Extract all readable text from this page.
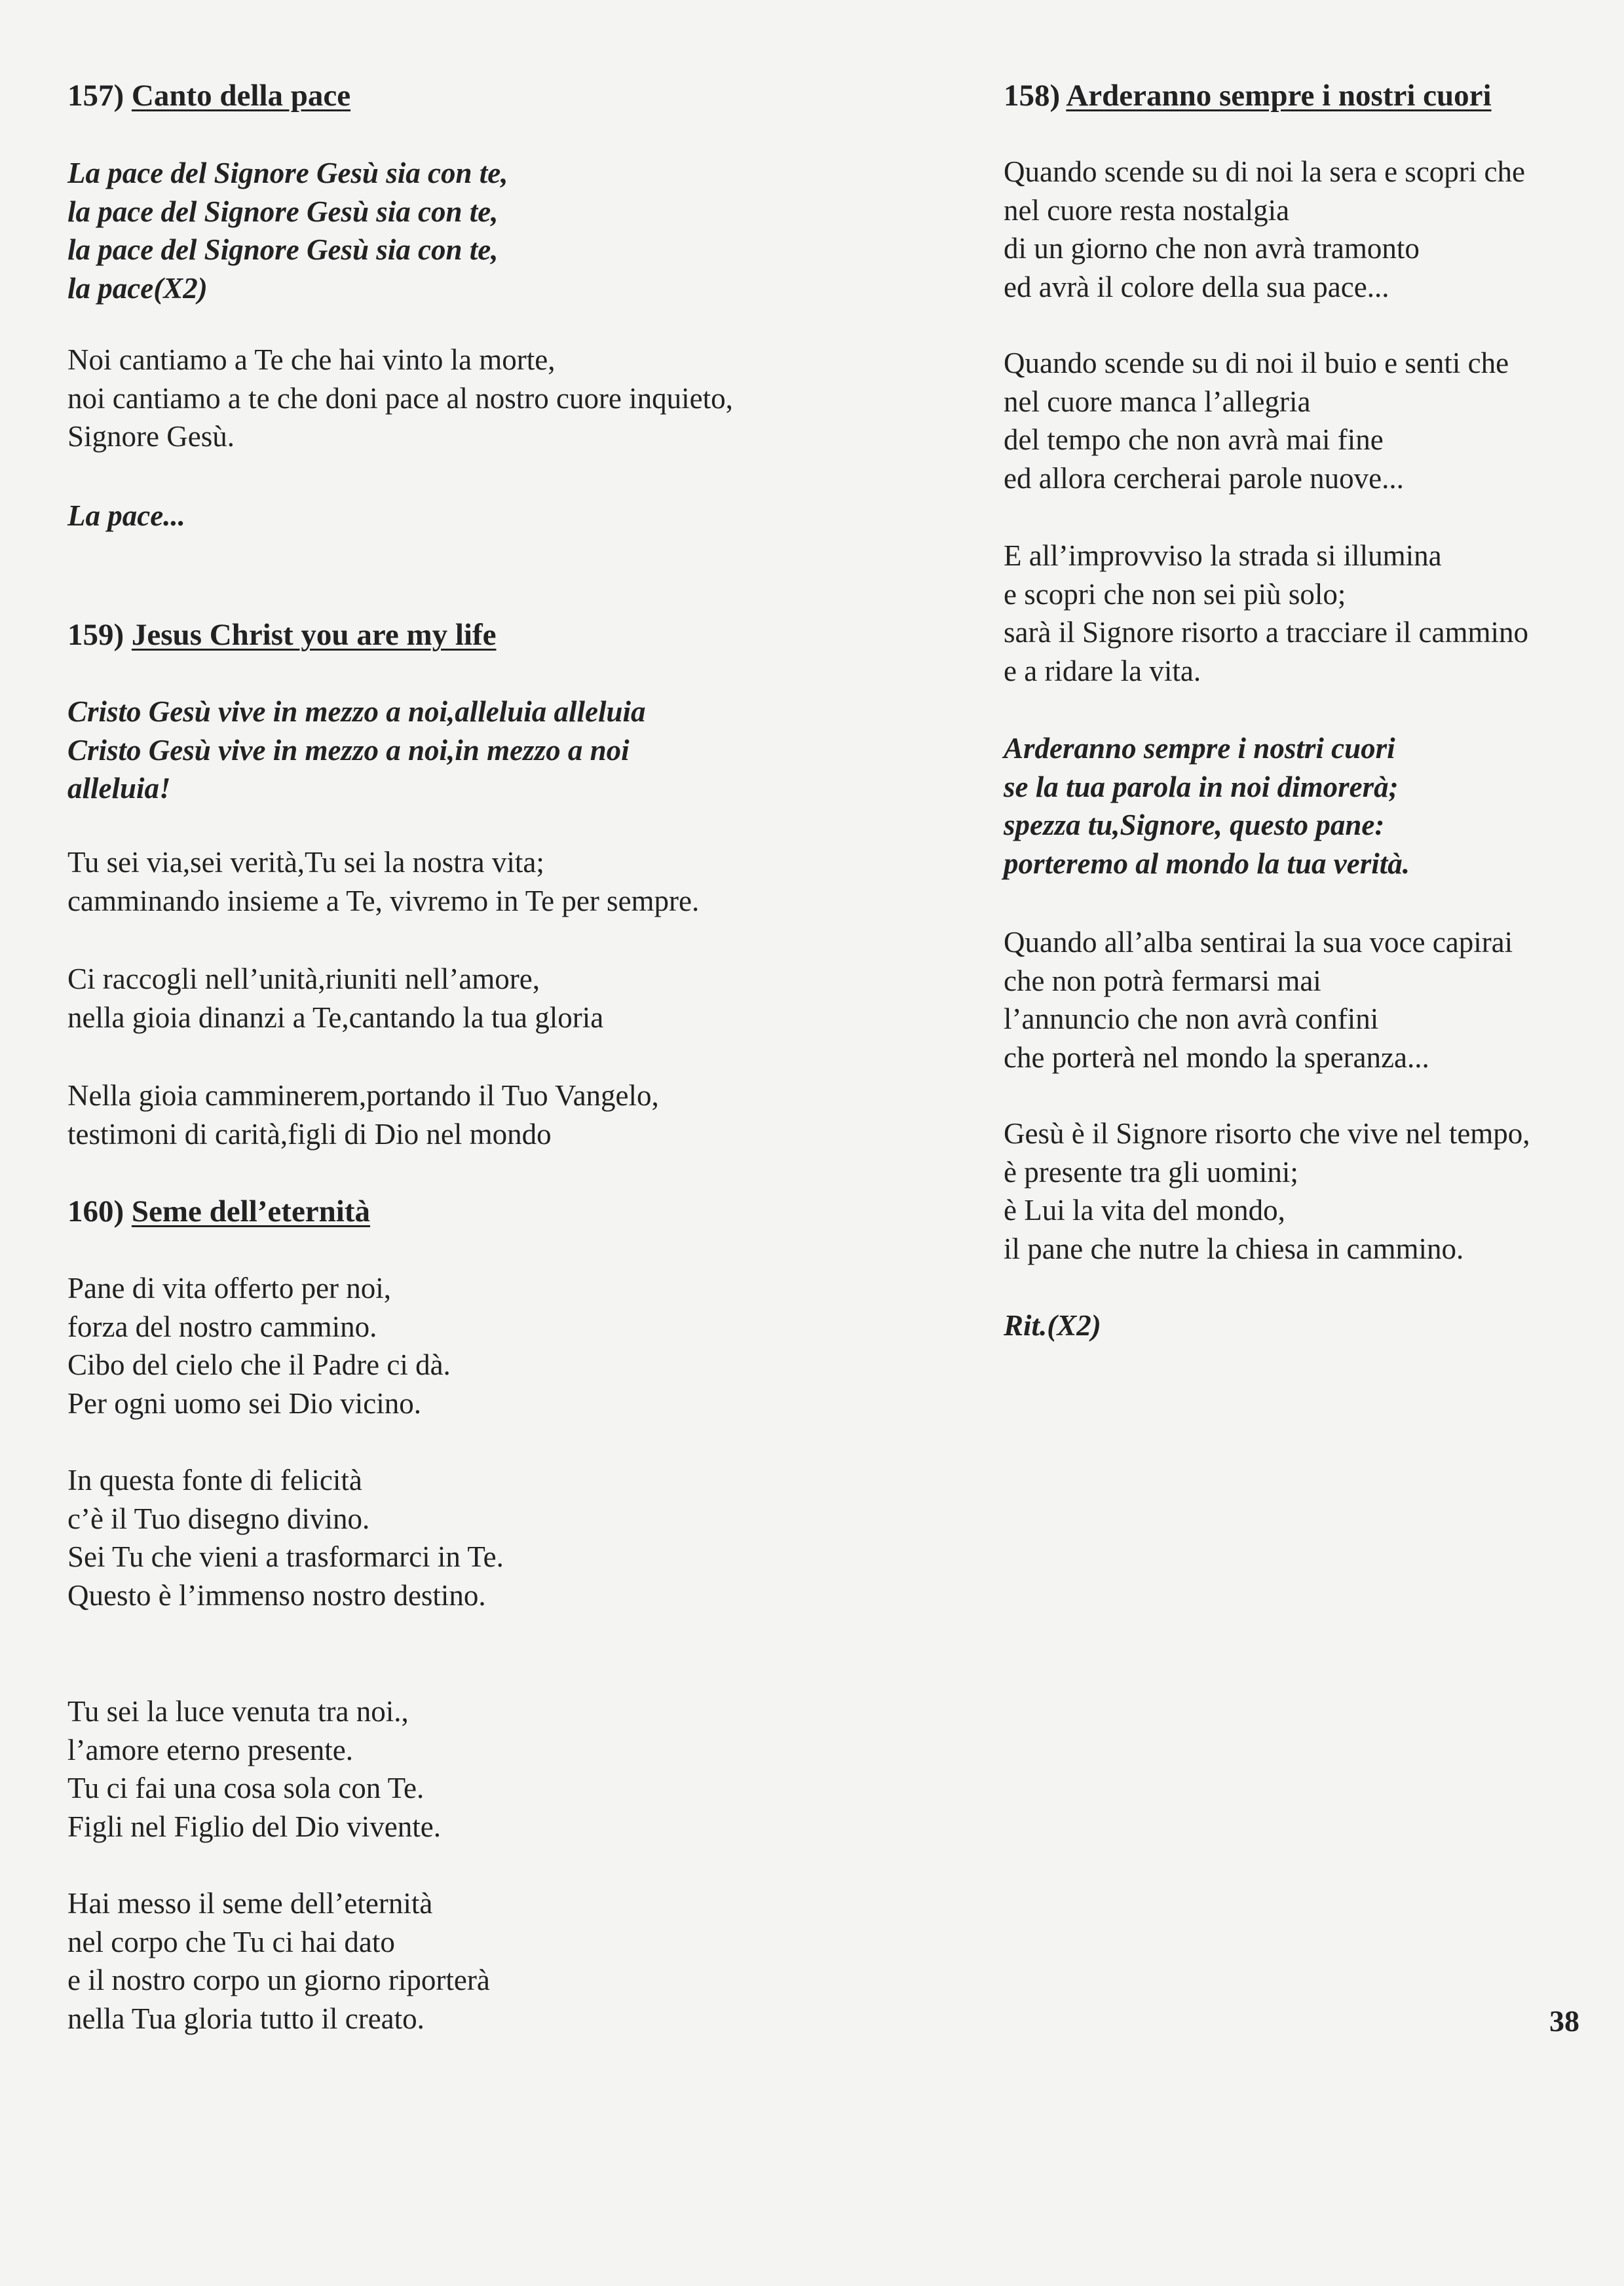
157) Canto della pace

La pace del Signore Gesù sia con te,
la pace del Signore Gesù sia con te,
la pace del Signore Gesù sia con te,
la pace(X2)

Noi cantiamo a Te che hai vinto la morte,
noi cantiamo a te che doni pace al nostro cuore inquieto,
Signore Gesù.

La pace...

159) Jesus Christ you are my life

Cristo Gesù vive in mezzo a noi,alleluia alleluia
Cristo Gesù vive in mezzo a noi,in mezzo a noi
alleluia!

Tu sei via,sei verità,Tu sei la nostra vita;
camminando insieme a Te, vivremo in Te per sempre.

Ci raccogli nell’unità,riuniti nell’amore,
nella gioia dinanzi a Te,cantando la tua gloria

Nella gioia camminerem,portando il Tuo Vangelo,
testimoni di carità,figli di Dio nel mondo

160) Seme dell’eternità

Pane di vita offerto per noi,
forza del nostro cammino.
Cibo del cielo che il Padre ci dà.
Per ogni uomo sei Dio vicino.

In questa fonte di felicità
c’è il Tuo disegno divino.
Sei Tu che vieni a trasformarci in Te.
Questo è l’immenso nostro destino.

Tu sei la luce venuta tra noi.,
l’amore eterno presente.
Tu ci fai una cosa sola con Te.
Figli nel Figlio del Dio vivente.

Hai messo il seme dell’eternità
nel corpo che Tu ci hai dato
e il nostro corpo un giorno riporterà
nella Tua gloria tutto il creato.

158) Arderanno sempre i nostri cuori

Quando scende su di noi la sera e scopri che
nel cuore resta nostalgia
di un giorno che non avrà tramonto
ed avrà il colore della sua pace...

Quando scende su di noi il buio e senti che
nel cuore manca l’allegria
del tempo che non avrà mai fine
ed allora cercherai parole nuove...

E all’improvviso la strada si illumina
e scopri che non sei più solo;
sarà il Signore risorto a tracciare il cammino
e a ridare la vita.

Arderanno sempre i nostri cuori
se la tua parola in noi dimorerà;
spezza tu,Signore, questo pane:
porteremo al mondo la tua verità.

Quando all’alba sentirai la sua voce capirai
che non potrà fermarsi mai
l’annuncio che non avrà confini
che porterà nel mondo la speranza...

Gesù è il Signore risorto che vive nel tempo,
è presente tra gli uomini;
è Lui la vita del mondo,
il pane che nutre la chiesa in cammino.

Rit.(X2)

38
